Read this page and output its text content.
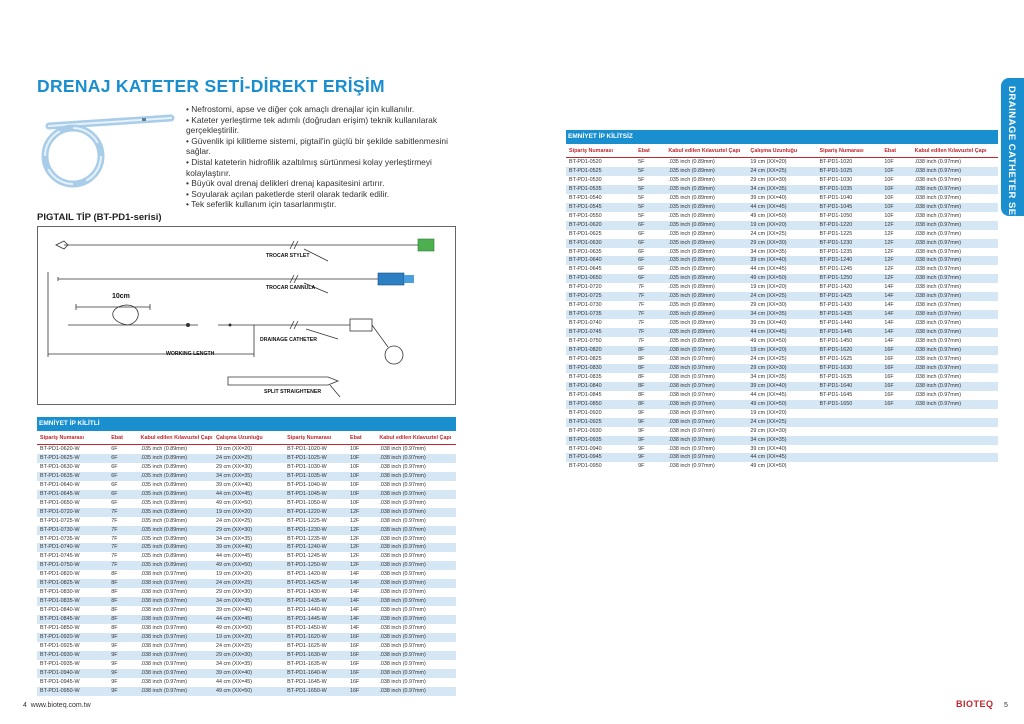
DRENAJ KATETER SETİ-DİREKT ERİŞİM
• Nefrostomi, apse ve diğer çok amaçlı drenajlar için kullanılır.
• Kateter yerleştirme tek adımlı (doğrudan erişim) teknik kullanılarak gerçekleştirilir.
• Güvenlik ipi kilitleme sistemi, pigtail'in güçlü bir şekilde sabitlenmesini sağlar.
• Distal kateterin hidrofilik azaltılmış sürtünmesi kolay yerleştirmeyi kolaylaştırır.
• Büyük oval drenaj delikleri drenaj kapasitesini artırır.
• Soyularak açılan paketlerde steril olarak tedarik edilir.
• Tek seferlik kullanım için tasarlanmıştır.
PIGTAIL TİP (BT-PD1-serisi)
TROCAR STYLET
TROCAR CANNULA
10cm
DRAINAGE CATHETER
WORKING LENGTH
SPLIT STRAIGHTENER
EMNİYET İP KİLİTLİ
Sipariş Numarası	Ebat	Kabul edilen Kılavuztel Çapı	Çalışma Uzunluğu	Sipariş Numarası	Ebat	Kabul edilen Kılavuztel Çapı
BT-PD1-0620-W	6F	.035 inch (0.89mm)	19 cm (XX=20)	BT-PD1-1020-W	10F	.038 inch (0.97mm)
BT-PD1-0625-W	6F	.035 inch (0.89mm)	24 cm (XX=25)	BT-PD1-1025-W	10F	.038 inch (0.97mm)
BT-PD1-0630-W	6F	.035 inch (0.89mm)	29 cm (XX=30)	BT-PD1-1030-W	10F	.038 inch (0.97mm)
BT-PD1-0635-W	6F	.035 inch (0.89mm)	34 cm (XX=35)	BT-PD1-1035-W	10F	.038 inch (0.97mm)
BT-PD1-0640-W	6F	.035 inch (0.89mm)	39 cm (XX=40)	BT-PD1-1040-W	10F	.038 inch (0.97mm)
BT-PD1-0645-W	6F	.035 inch (0.89mm)	44 cm (XX=45)	BT-PD1-1045-W	10F	.038 inch (0.97mm)
BT-PD1-0650-W	6F	.035 inch (0.89mm)	49 cm (XX=50)	BT-PD1-1050-W	10F	.038 inch (0.97mm)
BT-PD1-0720-W	7F	.035 inch (0.89mm)	19 cm (XX=20)	BT-PD1-1220-W	12F	.038 inch (0.97mm)
BT-PD1-0725-W	7F	.035 inch (0.89mm)	24 cm (XX=25)	BT-PD1-1225-W	12F	.038 inch (0.97mm)
BT-PD1-0730-W	7F	.035 inch (0.89mm)	29 cm (XX=30)	BT-PD1-1230-W	12F	.038 inch (0.97mm)
BT-PD1-0735-W	7F	.035 inch (0.89mm)	34 cm (XX=35)	BT-PD1-1235-W	12F	.038 inch (0.97mm)
BT-PD1-0740-W	7F	.035 inch (0.89mm)	39 cm (XX=40)	BT-PD1-1240-W	12F	.038 inch (0.97mm)
BT-PD1-0745-W	7F	.035 inch (0.89mm)	44 cm (XX=45)	BT-PD1-1245-W	12F	.038 inch (0.97mm)
BT-PD1-0750-W	7F	.035 inch (0.89mm)	49 cm (XX=50)	BT-PD1-1250-W	12F	.038 inch (0.97mm)
BT-PD1-0820-W	8F	.038 inch (0.97mm)	19 cm (XX=20)	BT-PD1-1420-W	14F	.038 inch (0.97mm)
BT-PD1-0825-W	8F	.038 inch (0.97mm)	24 cm (XX=25)	BT-PD1-1425-W	14F	.038 inch (0.97mm)
BT-PD1-0830-W	8F	.038 inch (0.97mm)	29 cm (XX=30)	BT-PD1-1430-W	14F	.038 inch (0.97mm)
BT-PD1-0835-W	8F	.038 inch (0.97mm)	34 cm (XX=35)	BT-PD1-1435-W	14F	.038 inch (0.97mm)
BT-PD1-0840-W	8F	.038 inch (0.97mm)	39 cm (XX=40)	BT-PD1-1440-W	14F	.038 inch (0.97mm)
BT-PD1-0845-W	8F	.038 inch (0.97mm)	44 cm (XX=45)	BT-PD1-1445-W	14F	.038 inch (0.97mm)
BT-PD1-0850-W	8F	.038 inch (0.97mm)	49 cm (XX=50)	BT-PD1-1450-W	14F	.038 inch (0.97mm)
BT-PD1-0920-W	9F	.038 inch (0.97mm)	19 cm (XX=20)	BT-PD1-1620-W	16F	.038 inch (0.97mm)
BT-PD1-0925-W	9F	.038 inch (0.97mm)	24 cm (XX=25)	BT-PD1-1625-W	16F	.038 inch (0.97mm)
BT-PD1-0930-W	9F	.038 inch (0.97mm)	29 cm (XX=30)	BT-PD1-1630-W	16F	.038 inch (0.97mm)
BT-PD1-0935-W	9F	.038 inch (0.97mm)	34 cm (XX=35)	BT-PD1-1635-W	16F	.038 inch (0.97mm)
BT-PD1-0940-W	9F	.038 inch (0.97mm)	39 cm (XX=40)	BT-PD1-1640-W	16F	.038 inch (0.97mm)
BT-PD1-0945-W	9F	.038 inch (0.97mm)	44 cm (XX=45)	BT-PD1-1645-W	16F	.038 inch (0.97mm)
BT-PD1-0950-W	9F	.038 inch (0.97mm)	49 cm (XX=50)	BT-PD1-1650-W	16F	.038 inch (0.97mm)
4 www.bioteq.com.tw
EMNİYET İP KİLİTSİZ
Sipariş Numarası	Ebat	Kabul edilen Kılavuztel Çapı	Çalışma Uzunluğu	Sipariş Numarası	Ebat	Kabul edilen Kılavuztel Çapı
BT-PD1-0520	5F	.035 inch (0.89mm)	19 cm (XX=20)	BT-PD1-1020	10F	.038 inch (0.97mm)
BT-PD1-0525	5F	.035 inch (0.89mm)	24 cm (XX=25)	BT-PD1-1025	10F	.038 inch (0.97mm)
BT-PD1-0530	5F	.035 inch (0.89mm)	29 cm (XX=30)	BT-PD1-1030	10F	.038 inch (0.97mm)
BT-PD1-0535	5F	.035 inch (0.89mm)	34 cm (XX=35)	BT-PD1-1035	10F	.038 inch (0.97mm)
BT-PD1-0540	5F	.035 inch (0.89mm)	39 cm (XX=40)	BT-PD1-1040	10F	.038 inch (0.97mm)
BT-PD1-0545	5F	.035 inch (0.89mm)	44 cm (XX=45)	BT-PD1-1045	10F	.038 inch (0.97mm)
BT-PD1-0550	5F	.035 inch (0.89mm)	49 cm (XX=50)	BT-PD1-1050	10F	.038 inch (0.97mm)
BT-PD1-0620	6F	.035 inch (0.89mm)	19 cm (XX=20)	BT-PD1-1220	12F	.038 inch (0.97mm)
BT-PD1-0625	6F	.035 inch (0.89mm)	24 cm (XX=25)	BT-PD1-1225	12F	.038 inch (0.97mm)
BT-PD1-0630	6F	.035 inch (0.89mm)	29 cm (XX=30)	BT-PD1-1230	12F	.038 inch (0.97mm)
BT-PD1-0635	6F	.035 inch (0.89mm)	34 cm (XX=35)	BT-PD1-1235	12F	.038 inch (0.97mm)
BT-PD1-0640	6F	.035 inch (0.89mm)	39 cm (XX=40)	BT-PD1-1240	12F	.038 inch (0.97mm)
BT-PD1-0645	6F	.035 inch (0.89mm)	44 cm (XX=45)	BT-PD1-1245	12F	.038 inch (0.97mm)
BT-PD1-0650	6F	.035 inch (0.89mm)	49 cm (XX=50)	BT-PD1-1250	12F	.038 inch (0.97mm)
BT-PD1-0720	7F	.035 inch (0.89mm)	19 cm (XX=20)	BT-PD1-1420	14F	.038 inch (0.97mm)
BT-PD1-0725	7F	.035 inch (0.89mm)	24 cm (XX=25)	BT-PD1-1425	14F	.038 inch (0.97mm)
BT-PD1-0730	7F	.035 inch (0.89mm)	29 cm (XX=30)	BT-PD1-1430	14F	.038 inch (0.97mm)
BT-PD1-0735	7F	.035 inch (0.89mm)	34 cm (XX=35)	BT-PD1-1435	14F	.038 inch (0.97mm)
BT-PD1-0740	7F	.035 inch (0.89mm)	39 cm (XX=40)	BT-PD1-1440	14F	.038 inch (0.97mm)
BT-PD1-0745	7F	.035 inch (0.89mm)	44 cm (XX=45)	BT-PD1-1445	14F	.038 inch (0.97mm)
BT-PD1-0750	7F	.035 inch (0.89mm)	49 cm (XX=50)	BT-PD1-1450	14F	.038 inch (0.97mm)
BT-PD1-0820	8F	.038 inch (0.97mm)	19 cm (XX=20)	BT-PD1-1620	16F	.038 inch (0.97mm)
BT-PD1-0825	8F	.038 inch (0.97mm)	24 cm (XX=25)	BT-PD1-1625	16F	.038 inch (0.97mm)
BT-PD1-0830	8F	.038 inch (0.97mm)	29 cm (XX=30)	BT-PD1-1630	16F	.038 inch (0.97mm)
BT-PD1-0835	8F	.038 inch (0.97mm)	34 cm (XX=35)	BT-PD1-1635	16F	.038 inch (0.97mm)
BT-PD1-0840	8F	.038 inch (0.97mm)	39 cm (XX=40)	BT-PD1-1640	16F	.038 inch (0.97mm)
BT-PD1-0845	8F	.038 inch (0.97mm)	44 cm (XX=45)	BT-PD1-1645	16F	.038 inch (0.97mm)
BT-PD1-0850	8F	.038 inch (0.97mm)	49 cm (XX=50)	BT-PD1-1650	16F	.038 inch (0.97mm)
BT-PD1-0920	9F	.038 inch (0.97mm)	19 cm (XX=20)			
BT-PD1-0925	9F	.038 inch (0.97mm)	24 cm (XX=25)			
BT-PD1-0930	9F	.038 inch (0.97mm)	29 cm (XX=30)			
BT-PD1-0935	9F	.038 inch (0.97mm)	34 cm (XX=35)			
BT-PD1-0940	9F	.038 inch (0.97mm)	39 cm (XX=40)			
BT-PD1-0945	9F	.038 inch (0.97mm)	44 cm (XX=45)			
BT-PD1-0950	9F	.038 inch (0.97mm)	49 cm (XX=50)			
DRAINAGE CATHETER SET
BIOTEQ 5
